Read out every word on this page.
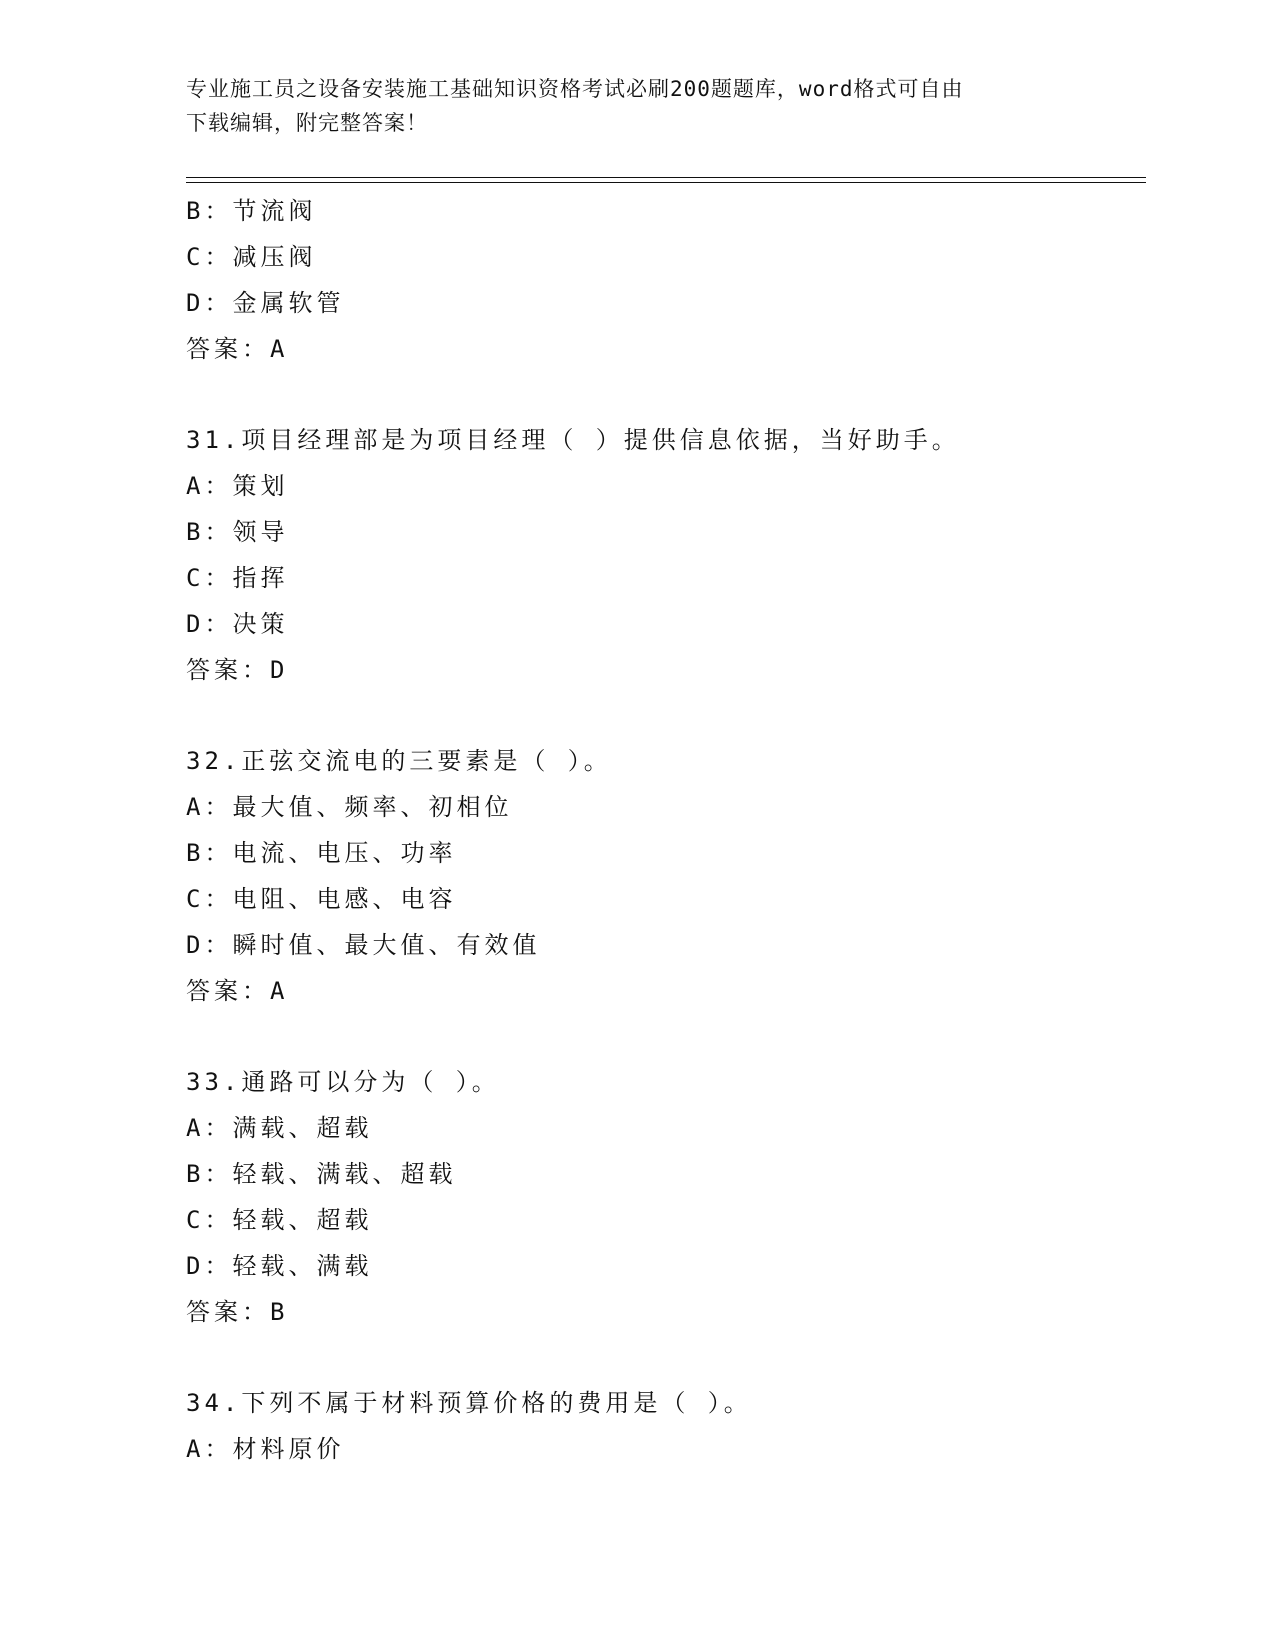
专业施工员之设备安装施工基础知识资格考试必刷200题题库，word格式可自由
下载编辑，附完整答案！
B：节流阀
C：减压阀
D：金属软管
答案：A
31.项目经理部是为项目经理（ ）提供信息依据，当好助手。
A：策划
B：领导
C：指挥
D：决策
答案：D
32.正弦交流电的三要素是（ ）。
A：最大值、频率、初相位
B：电流、电压、功率
C：电阻、电感、电容
D：瞬时值、最大值、有效值
答案：A
33.通路可以分为（ ）。
A：满载、超载
B：轻载、满载、超载
C：轻载、超载
D：轻载、满载
答案：B
34.下列不属于材料预算价格的费用是（ ）。
A：材料原价
